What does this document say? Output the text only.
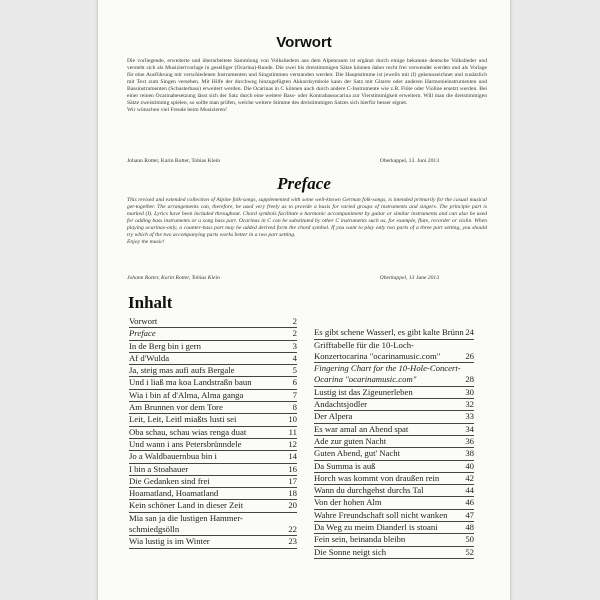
Vorwort

Die vorliegende, erweiterte und überarbeitete Sammlung von Volksliedern aus dem Alpenraum ist ergänzt durch einige bekannte deutsche Volkslieder und versteht sich als Musizierivorlage in geselliger (Ocarina)-Runde. Die zwei bis dreistimmigen Sätze können daher recht frei verwendet werden und als Vorlage für eine Ausführung mit verschiedenen Instrumenten und Singstimmen verstanden werden: Die Hauptstimme ist jeweils mit (I) gekennzeichnet und zusätzlich mit Text zum Singen versehen. Mit Hilfe der durchweg hinzugefügten Akkordsymbole kann der Satz mit Gitarre oder anderen Harmonieinstrumenten und Bassinstrumenten (Schusterbass) erweitert werden. Die Ocarinas in C können auch durch andere C-Instrumente wie z.B. Flöte oder Violine ersetzt werden. Bei einer reinen Ocarinabesetzung lässt sich der Satz durch eine weitere Bass- oder Kontrabassocarina zur Vierstimmigkeit erweitern. Will man die dreistimmigen Sätze zweistimmig spielen, so sollte man prüfen, welche weitere Stimme des dreistimmigen Satzes sich hierfür besser eignet.
Wir wünschen viel Freude beim Musizieren!

Johann Rotter, Karin Rotter, Tobias Klein	Oberkappel, 13. Juni 2013
Preface

This revised and extended collection of Alpine folk-songs, supplemented with some well-known German folk-songs, is intended primarily for the casual musical get-together. The arrangements can, therefore, be used very freely as to provide a basis for varied groups of instruments and singers. The principle part is marked (I). Lyrics have been included throughout. Chord symbols facilitate a harmonic accompaniment by guitar or similar instruments and can also be used for adding bass instruments or a song bass part. Ocarinas in C can be substituted by other C instruments such as, for example, flute, recorder or violin. When playing ocarinas-only, a counter-bass part may be added derived form the chord symbol. If you want to play only two parts of a three part setting, you should try which of the two accompanying parts works better in a two part setting.
Enjoy the music!

Johann Rotter, Karin Rotter, Tobias Klein	Oberkappel, 13 June 2013
Inhalt
Vorwort	2
Preface	2
In de Berg bin i gern	3
Af d'Wulda	4
Ja, steig mas aufi aufs Bergale	5
Und i liaß ma koa Landstraßn baun	6
Wia i bin af d'Alma, Alma ganga	7
Am Brunnen vor dem Tore	8
Leit, Leit, Leitl miaßts lusti sei	10
Oba schau, schau wias renga duat	11
Und wann i ans Petersbrünndele	12
Jo a Waldbauernbua bin i	14
I bin a Stoahauer	16
Die Gedanken sind frei	17
Hoamatland, Hoamatland	18
Kein schöner Land in dieser Zeit	20
Mia san ja die lustigen Hammer-schmiedgsölln	22
Wia lustig is im Winter	23
Es gibt schene Wasserl, es gibt kalte Brünn 24
Grifftabelle für die 10-Loch-Konzertocarina "ocarinamusic.com"	26
Fingering Chart for the 10-Hole-Concert-Ocarina "ocarinamusic.com"	28
Lustig ist das Zigeunerleben	30
Andachtsjodler	32
Der Alpera	33
Es war amal an Abend spat	34
Ade zur guten Nacht	36
Guten Abend, gut' Nacht	38
Da Summa is auß	40
Horch was kommt von draußen rein	42
Wann du durchgehst durchs Tal	44
Von der hohen Alm	46
Wahre Freundschaft soll nicht wanken 47
Da Weg zu meim Dianderl is stoani	48
Fein sein, beinanda bleibn	50
Die Sonne neigt sich	52
